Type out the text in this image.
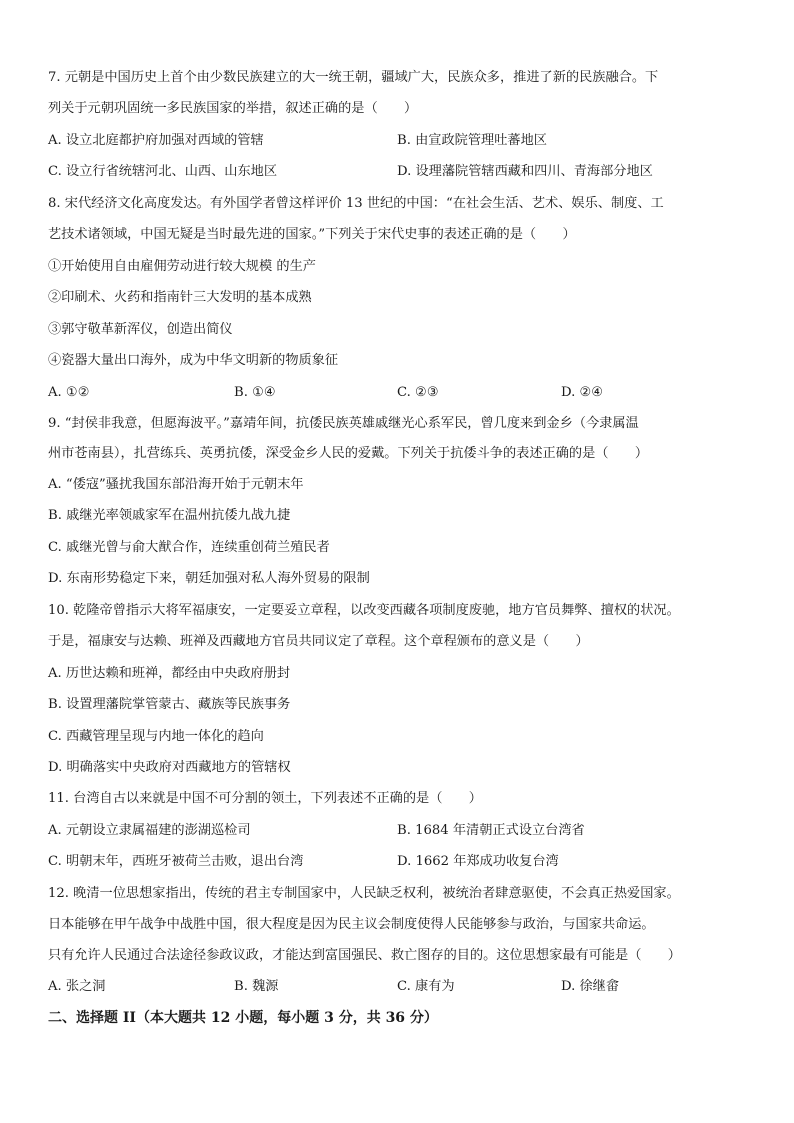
7. 元朝是中国历史上首个由少数民族建立的大一统王朝，疆域广大，民族众多，推进了新的民族融合。下
列关于元朝巩固统一多民族国家的举措，叙述正确的是（　　）
A. 设立北庭都护府加强对西域的管辖	B. 由宣政院管理吐蕃地区
C. 设立行省统辖河北、山西、山东地区	D. 设理藩院管辖西藏和四川、青海部分地区
8. 宋代经济文化高度发达。有外国学者曾这样评价 13 世纪的中国：“在社会生活、艺术、娱乐、制度、工
艺技术诸领域，中国无疑是当时最先进的国家。”下列关于宋代史事的表述正确的是（　　）
①开始使用自由雇佣劳动进行较大规模 的生产
②印刷术、火药和指南针三大发明的基本成熟
③郭守敬革新浑仪，创造出简仪
④瓷器大量出口海外，成为中华文明新的物质象征
A. ①②	B. ①④	C. ②③	D. ②④
9. “封侯非我意，但愿海波平。”嘉靖年间，抗倭民族英雄戚继光心系军民，曾几度来到金乡（今隶属温
州市苍南县），扎营练兵、英勇抗倭，深受金乡人民的爱戴。下列关于抗倭斗争的表述正确的是（　　）
A. “倭寇”骚扰我国东部沿海开始于元朝末年
B. 戚继光率领戚家军在温州抗倭九战九捷
C. 戚继光曾与俞大猷合作，连续重创荷兰殖民者
D. 东南形势稳定下来，朝廷加强对私人海外贸易的限制
10. 乾隆帝曾指示大将军福康安，一定要妥立章程，以改变西藏各项制度废驰，地方官员舞弊、擅权的状况。
于是，福康安与达赖、班禅及西藏地方官员共同议定了章程。这个章程颁布的意义是（　　）
A. 历世达赖和班禅，都经由中央政府册封
B. 设置理藩院掌管蒙古、藏族等民族事务
C. 西藏管理呈现与内地一体化的趋向
D. 明确落实中央政府对西藏地方的管辖权
11. 台湾自古以来就是中国不可分割的领土，下列表述不正确的是（　　）
A. 元朝设立隶属福建的澎湖巡检司	B. 1684 年清朝正式设立台湾省
C. 明朝末年，西班牙被荷兰击败，退出台湾	D. 1662 年郑成功收复台湾
12. 晚清一位思想家指出，传统的君主专制国家中，人民缺乏权利，被统治者肆意驱使，不会真正热爱国家。
日本能够在甲午战争中战胜中国，很大程度是因为民主议会制度使得人民能够参与政治，与国家共命运。
只有允许人民通过合法途径参政议政，才能达到富国强民、救亡图存的目的。这位思想家最有可能是（　　）
A. 张之洞	B. 魏源	C. 康有为	D. 徐继畲
二、选择题 II（本大题共 12 小题，每小题 3 分，共 36 分）
